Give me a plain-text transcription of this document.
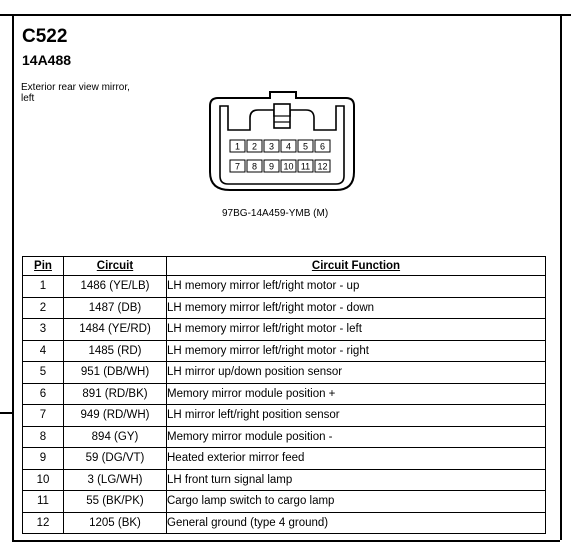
C522
14A488
Exterior rear view mirror, left
1 2 3 4 5 6
7 8 9 10 11 12
97BG-14A459-YMB (M)
Pin	Circuit	Circuit Function
1	1486 (YE/LB)	LH memory mirror left/right motor - up
2	1487 (DB)	LH memory mirror left/right motor - down
3	1484 (YE/RD)	LH memory mirror left/right motor - left
4	1485 (RD)	LH memory mirror left/right motor - right
5	951 (DB/WH)	LH mirror up/down position sensor
6	891 (RD/BK)	Memory mirror module position +
7	949 (RD/WH)	LH mirror left/right position sensor
8	894 (GY)	Memory mirror module position -
9	59 (DG/VT)	Heated exterior mirror feed
10	3 (LG/WH)	LH front turn signal lamp
11	55 (BK/PK)	Cargo lamp switch to cargo lamp
12	1205 (BK)	General ground (type 4 ground)
